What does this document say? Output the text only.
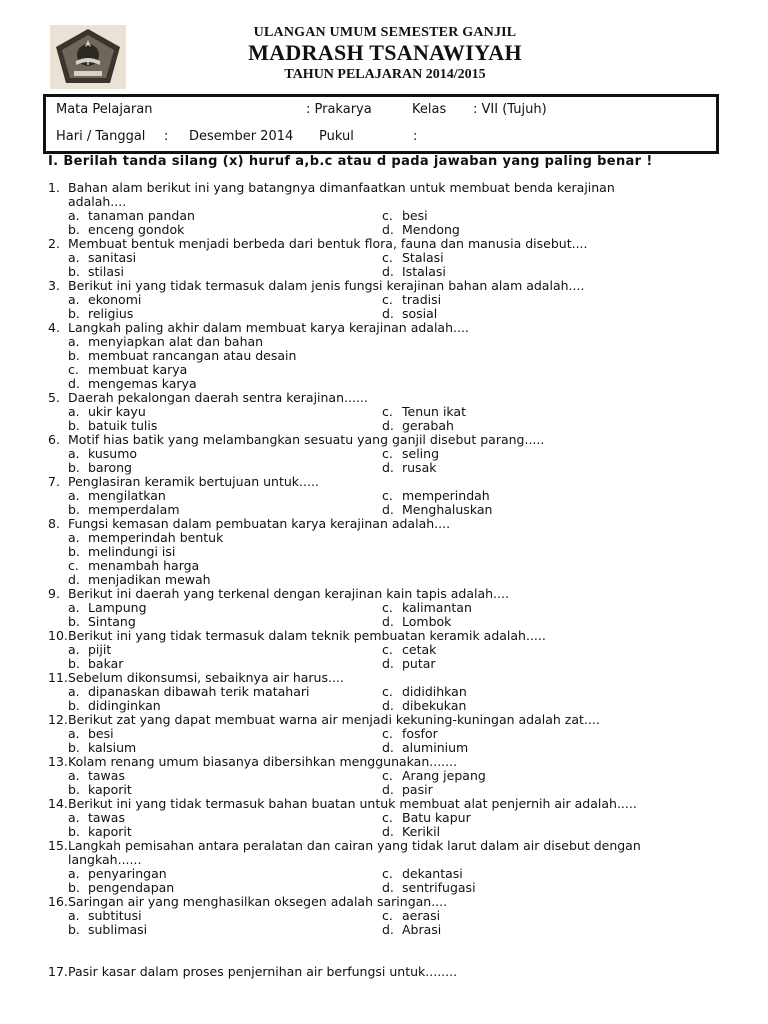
ULANGAN UMUM SEMESTER GANJIL
MADRASH TSANAWIYAH
TAHUN PELAJARAN 2014/2015
Mata Pelajaran	: Prakarya	Kelas : VII (Tujuh)
Hari / Tanggal : Desember 2014 Pukul	:
I. Berilah tanda silang (x) huruf a,b.c atau d pada jawaban yang paling benar !
1. Bahan alam berikut ini yang batangnya dimanfaatkan untuk membuat benda kerajinan
adalah....
a. tanaman pandan	c. besi
b. enceng gondok	d. Mendong
2. Membuat bentuk menjadi berbeda dari bentuk flora, fauna dan manusia disebut....
a. sanitasi	c. Stalasi
b. stilasi	d. Istalasi
3. Berikut ini yang tidak termasuk dalam jenis fungsi kerajinan bahan alam adalah....
a. ekonomi	c. tradisi
b. religius	d. sosial
4. Langkah paling akhir dalam membuat karya kerajinan adalah....
a. menyiapkan alat dan bahan
b. membuat rancangan atau desain
c. membuat karya
d. mengemas karya
5. Daerah pekalongan daerah sentra kerajinan......
a. ukir kayu	c. Tenun ikat
b. batuik tulis	d. gerabah
6. Motif hias batik yang melambangkan sesuatu yang ganjil disebut parang.....
a. kusumo	c. seling
b. barong	d. rusak
7. Penglasiran keramik bertujuan untuk.....
a. mengilatkan	c. memperindah
b. memperdalam	d. Menghaluskan
8. Fungsi kemasan dalam pembuatan karya kerajinan adalah....
a. memperindah bentuk
b. melindungi isi
c. menambah harga
d. menjadikan mewah
9. Berikut ini daerah yang terkenal dengan kerajinan kain tapis adalah....
a. Lampung	c. kalimantan
b. Sintang	d. Lombok
10. Berikut ini yang tidak termasuk dalam teknik pembuatan keramik adalah.....
a. pijit	c. cetak
b. bakar	d. putar
11. Sebelum dikonsumsi, sebaiknya air harus....
a. dipanaskan dibawah terik matahari	c. dididihkan
b. didinginkan	d. dibekukan
12. Berikut zat yang dapat membuat warna air menjadi kekuning-kuningan adalah zat....
a. besi	c. fosfor
b. kalsium	d. aluminium
13. Kolam renang umum biasanya dibersihkan menggunakan.......
a. tawas	c. Arang jepang
b. kaporit	d. pasir
14. Berikut ini yang tidak termasuk bahan buatan untuk membuat alat penjernih air adalah.....
a. tawas	c. Batu kapur
b. kaporit	d. Kerikil
15. Langkah pemisahan antara peralatan dan cairan yang tidak larut dalam air disebut dengan
langkah......
a. penyaringan	c. dekantasi
b. pengendapan	d. sentrifugasi
16. Saringan air yang menghasilkan oksegen adalah saringan....
a. subtitusi	c. aerasi
b. sublimasi	d. Abrasi
17. Pasir kasar dalam proses penjernihan air berfungsi untuk........
